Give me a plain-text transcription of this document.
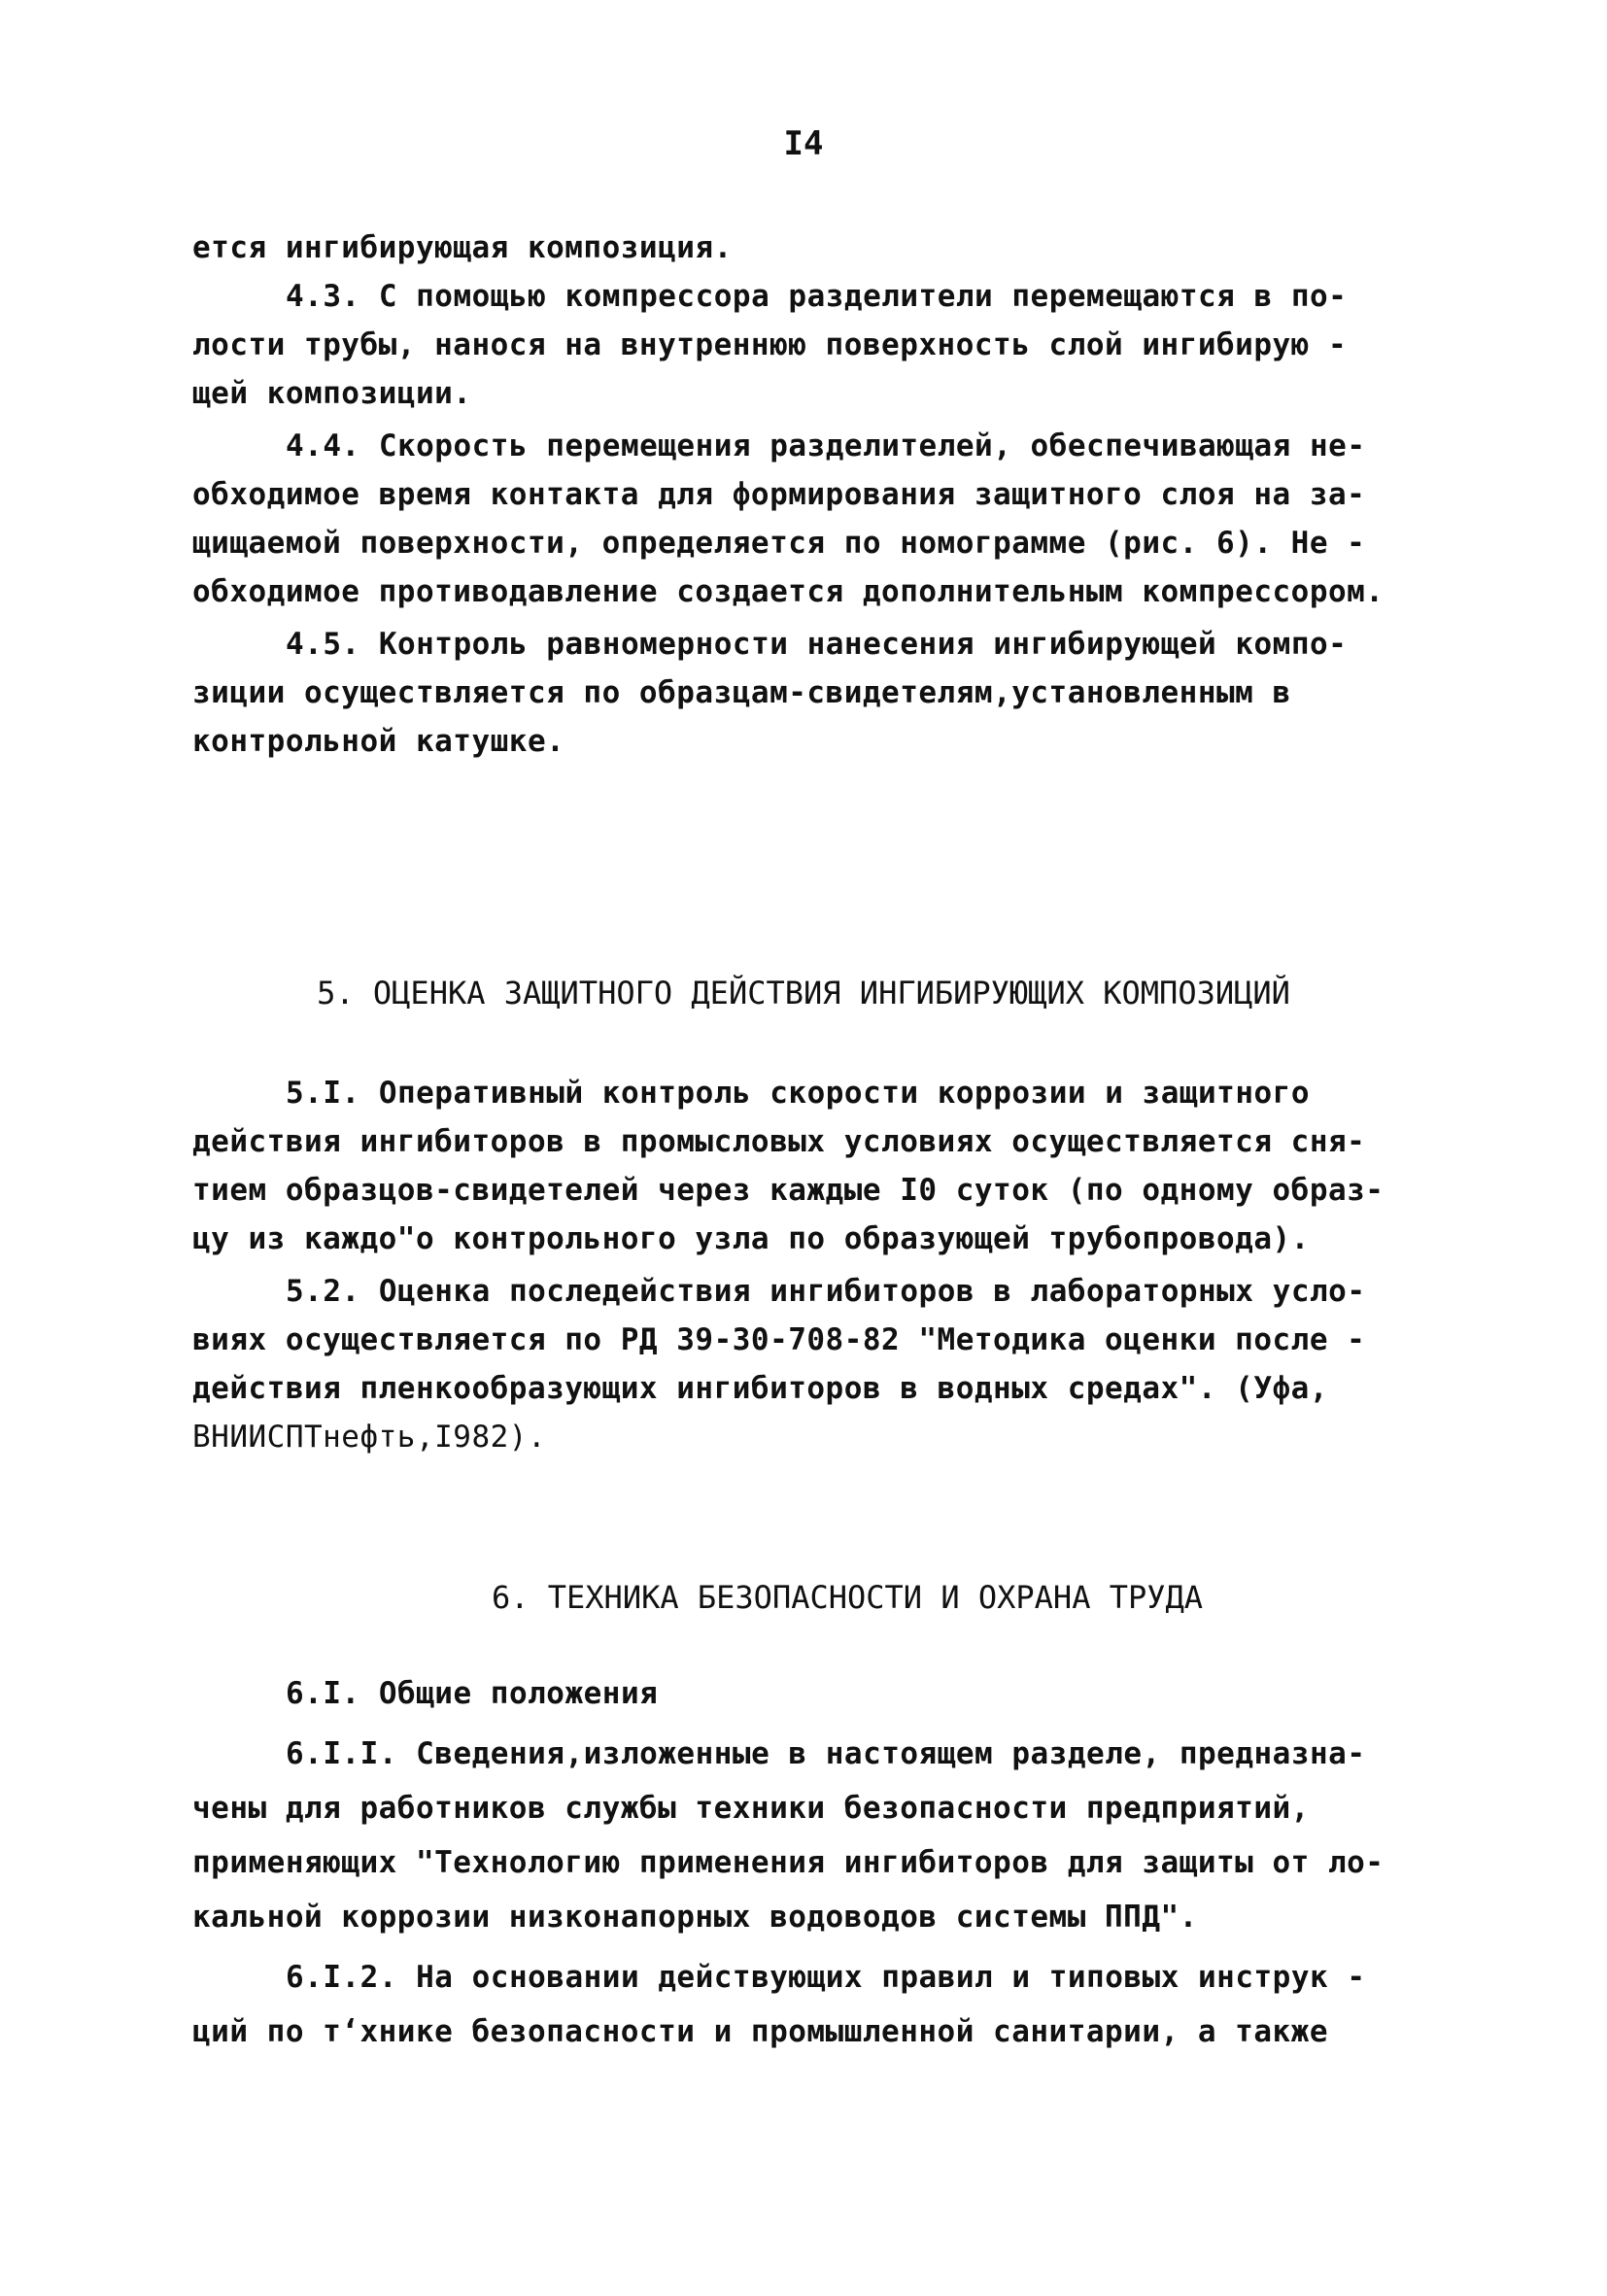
I4
ется ингибирующая композиция.
4.3. С помощью компрессора разделители перемещаются в по-
лости трубы, нанося на внутреннюю поверхность слой ингибирую -
щей композиции.
4.4. Скорость перемещения разделителей, обеспечивающая не-
обходимое время контакта для формирования защитного слоя на за-
щищаемой поверхности, определяется по номограмме (рис. 6). Не -
обходимое противодавление создается дополнительным компрессором.
4.5. Контроль равномерности нанесения ингибирующей компо-
зиции осуществляется по образцам-свидетелям,установленным в
контрольной катушке.
5. ОЦЕНКА ЗАЩИТНОГО ДЕЙСТВИЯ ИНГИБИРУЮЩИХ КОМПОЗИЦИЙ
5.I. Оперативный контроль скорости коррозии и защитного
действия ингибиторов в промысловых условиях осуществляется сня-
тием образцов-свидетелей через каждые I0 суток (по одному образ-
цу из каждо"о контрольного узла по образующей трубопровода).
5.2. Оценка последействия ингибиторов в лабораторных усло-
виях осуществляется по РД 39-30-708-82 "Методика оценки после -
действия пленкообразующих ингибиторов в водных средах". (Уфа,
ВНИИСПТнефть,I982).
6. ТЕХНИКА БЕЗОПАСНОСТИ И ОХРАНА ТРУДА
6.I. Общие положения
6.I.I. Сведения,изложенные в настоящем разделе, предназна-
чены для работников службы техники безопасности предприятий,
применяющих "Технологию применения ингибиторов для защиты от ло-
кальной коррозии низконапорных водоводов системы ППД".
6.I.2. На основании действующих правил и типовых инструк -
ций по тʻхнике безопасности и промышленной санитарии, а также
